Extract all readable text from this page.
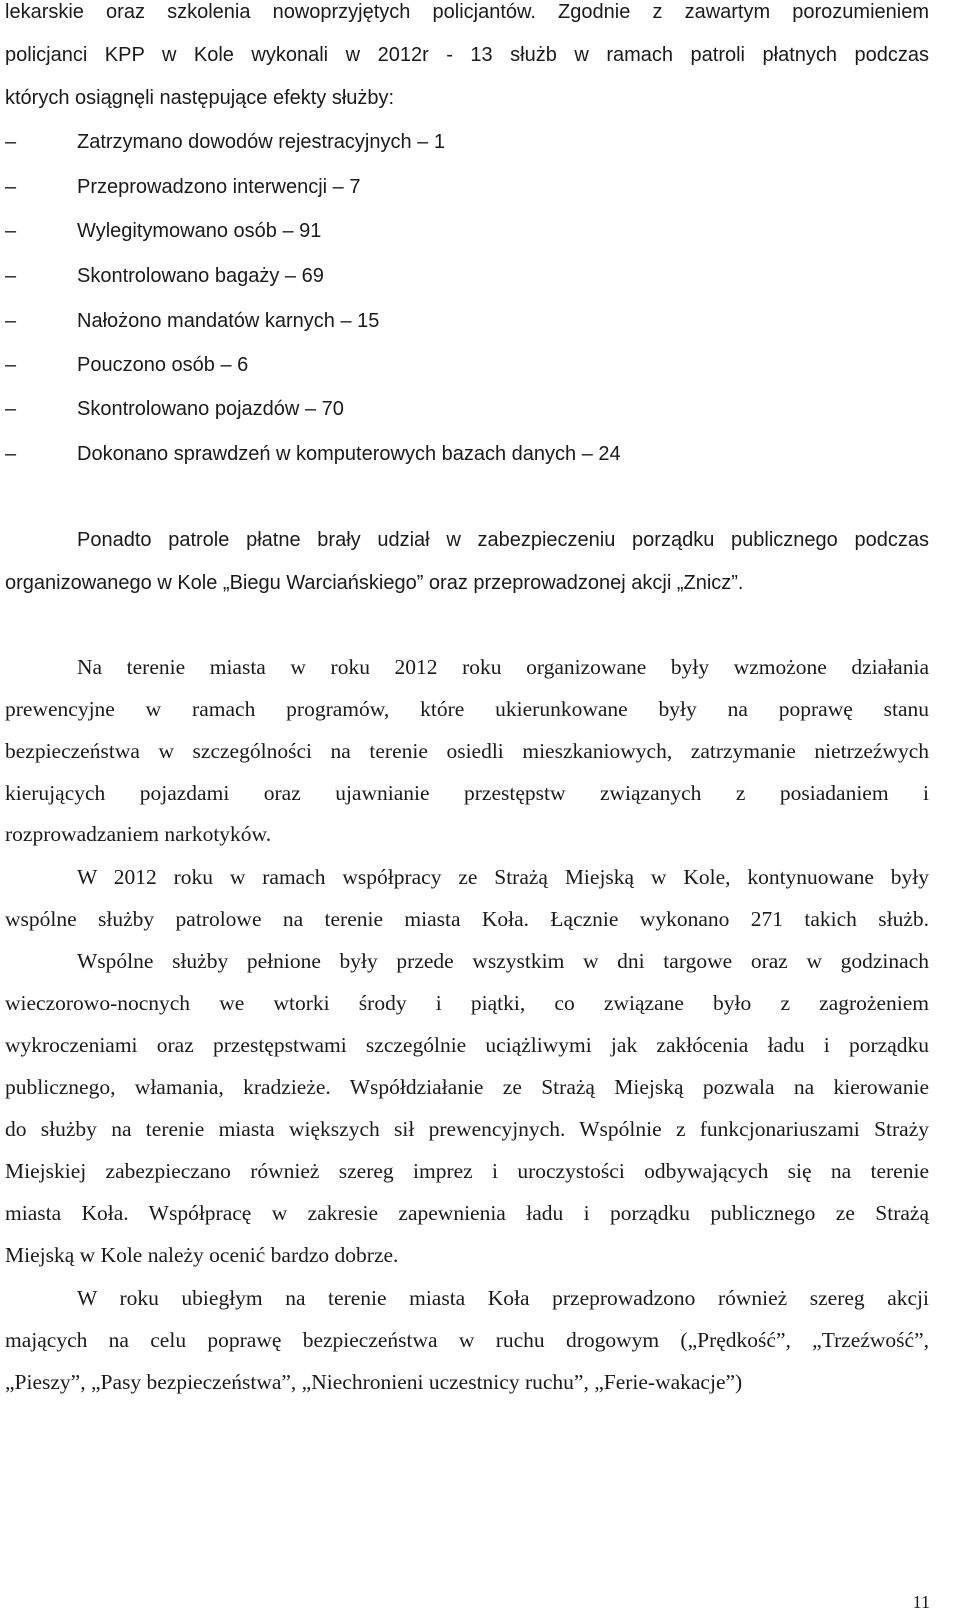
lekarskie oraz szkolenia nowoprzyjętych policjantów. Zgodnie z zawartym porozumieniem
policjanci KPP w Kole wykonali w 2012r - 13 służb w ramach patroli płatnych podczas
których osiągnęli następujące efekty służby:
–	Zatrzymano dowodów rejestracyjnych – 1
–	Przeprowadzono interwencji – 7
–	Wylegitymowano osób – 91
–	Skontrolowano bagaży – 69
–	Nałożono mandatów karnych – 15
–	Pouczono osób – 6
–	Skontrolowano pojazdów – 70
–	Dokonano sprawdzeń w komputerowych bazach danych – 24
Ponadto patrole płatne brały udział w zabezpieczeniu porządku publicznego podczas
organizowanego w Kole „Biegu Warciańskiego” oraz przeprowadzonej akcji „Znicz”.
Na terenie miasta w roku 2012 roku organizowane były wzmożone działania
prewencyjne w ramach programów, które ukierunkowane były na poprawę stanu
bezpieczeństwa w szczególności na terenie osiedli mieszkaniowych, zatrzymanie nietrzeźwych
kierujących pojazdami oraz ujawnianie przestępstw związanych z posiadaniem i
rozprowadzaniem narkotyków.
W 2012 roku w ramach współpracy ze Strażą Miejską w Kole, kontynuowane były
wspólne służby patrolowe na terenie miasta Koła. Łącznie wykonano 271 takich służb.
Wspólne służby pełnione były przede wszystkim w dni targowe oraz w godzinach
wieczorowo-nocnych we wtorki środy i piątki, co związane było z zagrożeniem
wykroczeniami oraz przestępstwami szczególnie uciążliwymi jak zakłócenia ładu i porządku
publicznego, włamania, kradzieże. Współdziałanie ze Strażą Miejską pozwala na kierowanie
do służby na terenie miasta większych sił prewencyjnych. Wspólnie z funkcjonariuszami Straży
Miejskiej zabezpieczano również szereg imprez i uroczystości odbywających się na terenie
miasta Koła. Współpracę w zakresie zapewnienia ładu i porządku publicznego ze Strażą
Miejską w Kole należy ocenić bardzo dobrze.
W roku ubiegłym na terenie miasta Koła przeprowadzono również szereg akcji
mających na celu poprawę bezpieczeństwa w ruchu drogowym („Prędkość”, „Trzeźwość”,
„Pieszy”, „Pasy bezpieczeństwa”, „Niechronieni uczestnicy ruchu”, „Ferie-wakacje”)
11
